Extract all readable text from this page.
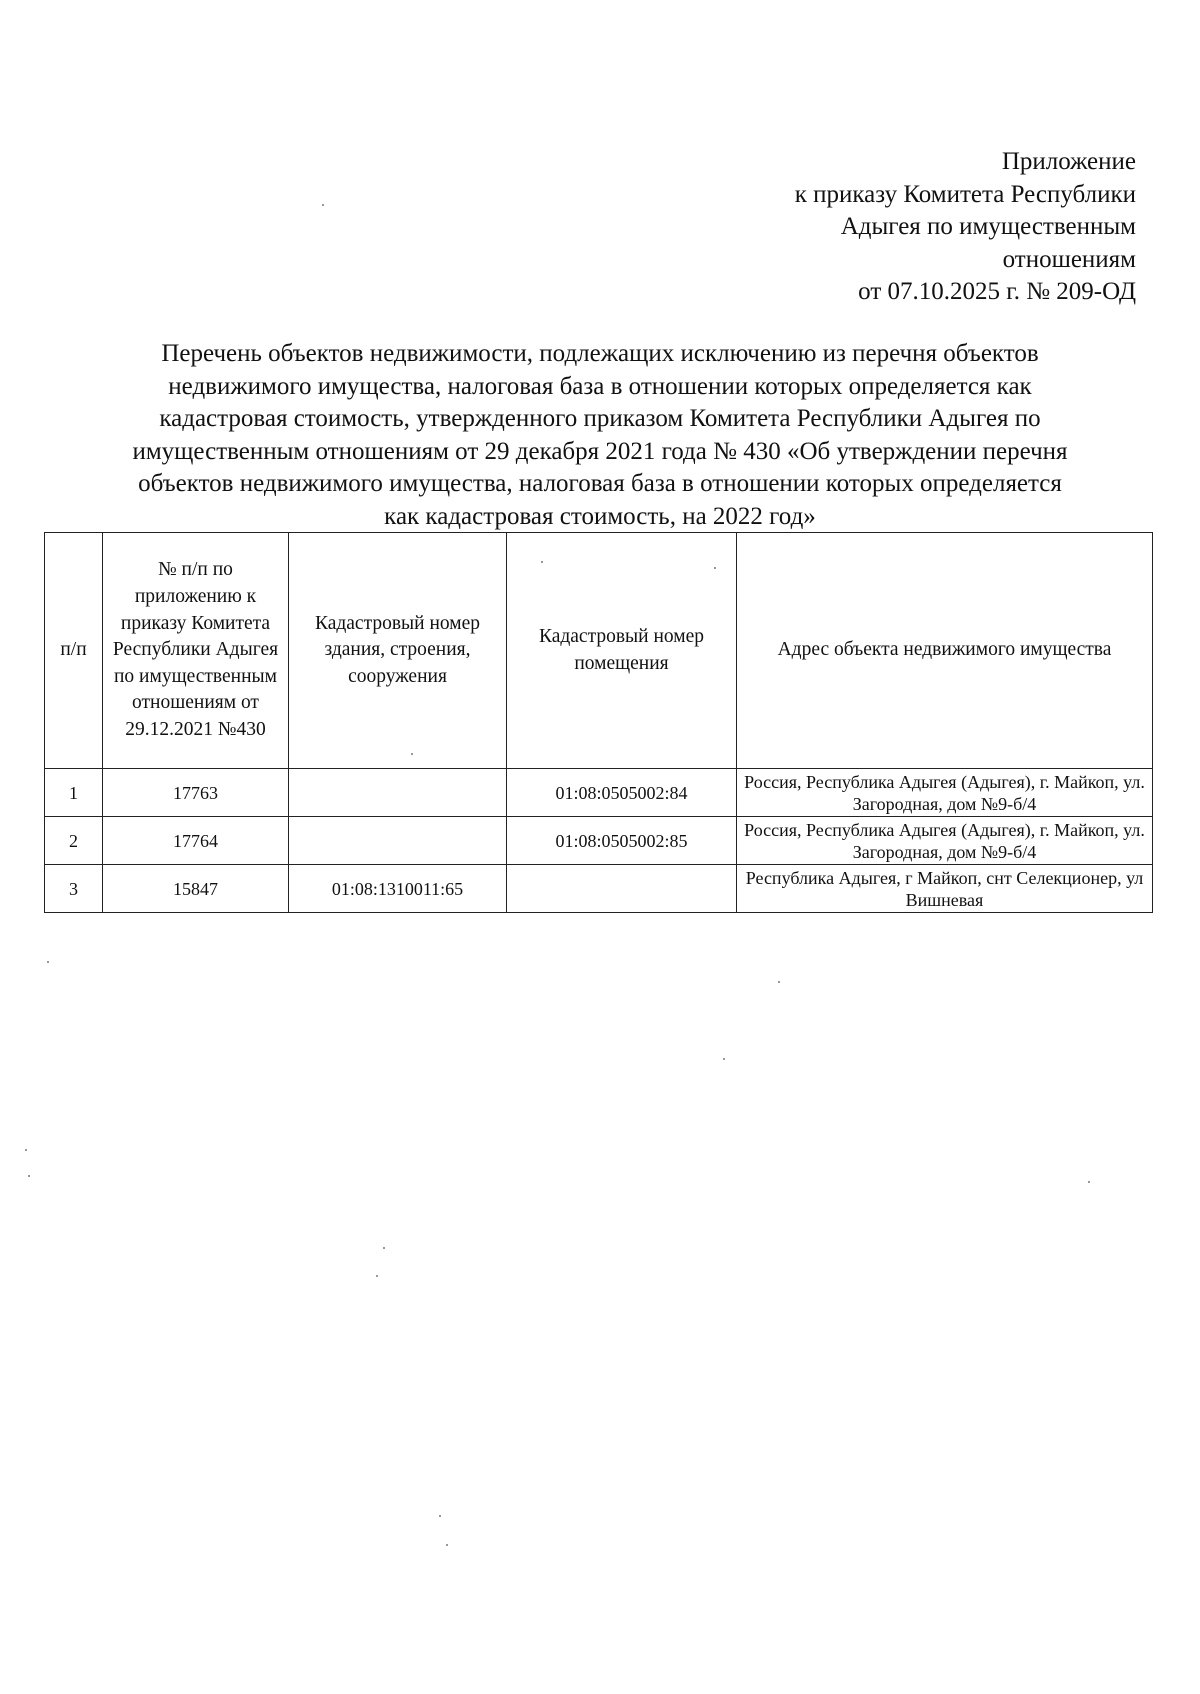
Приложение
к приказу Комитета Республики
Адыгея по имущественным
отношениям
от 07.10.2025 г. № 209-ОД
Перечень объектов недвижимости, подлежащих исключению из перечня объектов
недвижимого имущества, налоговая база в отношении которых определяется как
кадастровая стоимость, утвержденного приказом Комитета Республики Адыгея по
имущественным отношениям от 29 декабря 2021 года № 430 «Об утверждении перечня
объектов недвижимого имущества, налоговая база в отношении которых определяется
как кадастровая стоимость, на 2022 год»
п/п	№ п/п по приложению к приказу Комитета Республики Адыгея по имущественным отношениям от 29.12.2021 №430	Кадастровый номер здания, строения, сооружения	Кадастровый номер помещения	Адрес объекта недвижимого имущества
1	17763		01:08:0505002:84	Россия, Республика Адыгея (Адыгея), г. Майкоп, ул. Загородная, дом №9-б/4
2	17764		01:08:0505002:85	Россия, Республика Адыгея (Адыгея), г. Майкоп, ул. Загородная, дом №9-б/4
3	15847	01:08:1310011:65		Республика Адыгея, г Майкоп, снт Селекционер, ул Вишневая
